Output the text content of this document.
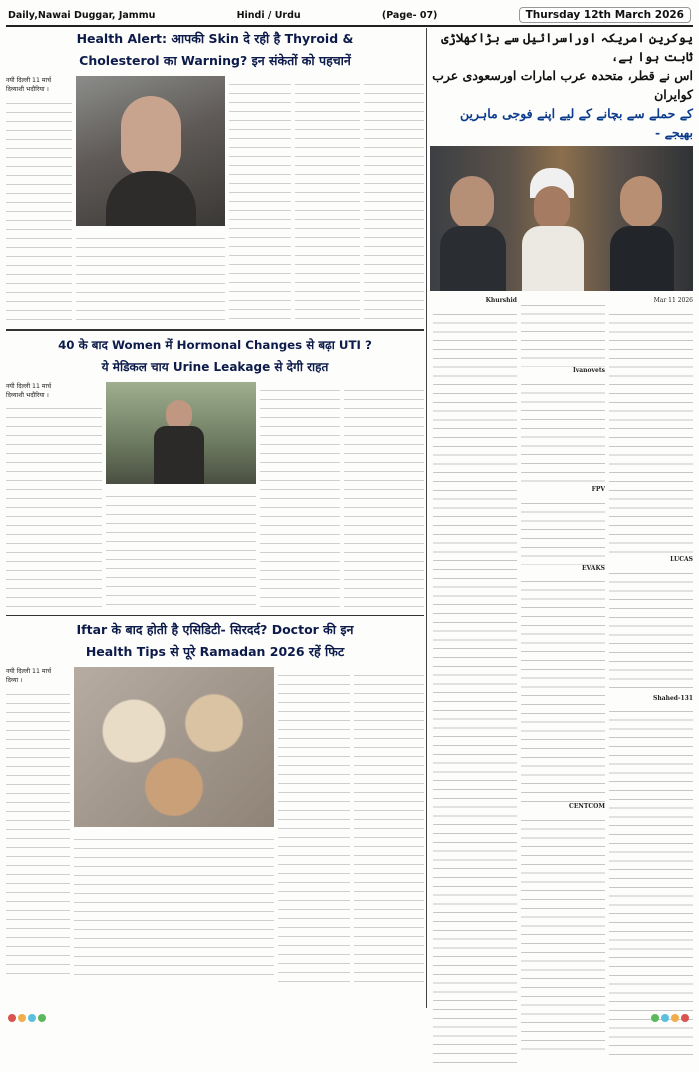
Daily,Nawai Duggar, Jammu	Hindi / Urdu	(Page- 07)	Thursday 12th March 2026
Health Alert: आपकी Skin दे रही है Thyroid &
Cholesterol का Warning? इन संकेतों को पहचानें
नयी दिल्ली 11 मार्च
दिव्याशी भदौरिया ।
40 के बाद Women में Hormonal Changes से बढ़ा UTI ?
ये मेडिकल चाय Urine Leakage से देगी राहत
नयी दिल्ली 11 मार्च
दिव्याशी भदौरिया ।
Iftar के बाद होती है एसिडिटी- सिरदर्द? Doctor की इन
Health Tips से पूरे Ramadan 2026 रहें फिट
नयी दिल्ली 11 मार्च
दिव्या ।
یوکرین امریکہ اوراسرائیل سے بڑاکھلاڑی ثابت ہوا ہے،
اس نے قطر، متحدہ عرب امارات اورسعودی عرب کوایران
کے حملے سے بچانے کے لیے اپنے فوجی ماہرین بھیجے -
2026 Mar 11
LUCAS
131-Shahed
Ivanovets
FPV
EVAKS
CENTCOM
Khurshid
